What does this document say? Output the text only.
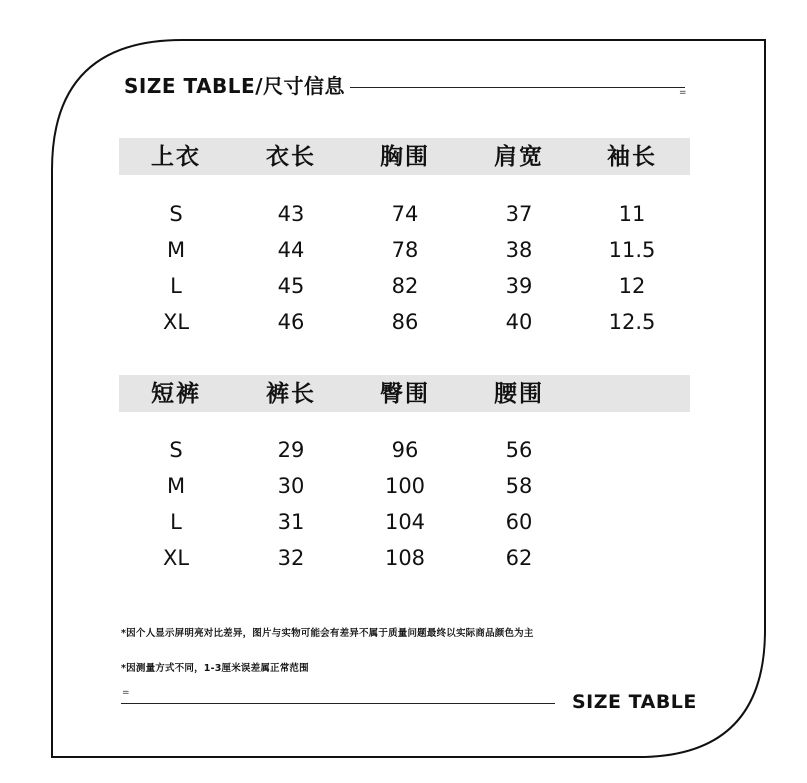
SIZE TABLE/尺寸信息	=
上衣	衣长	胸围	肩宽	袖长
S	43	74	37	11
M	44	78	38	11.5
L	45	82	39	12
XL	46	86	40	12.5
短裤	裤长	臀围	腰围
S	29	96	56
M	30	100	58
L	31	104	60
XL	32	108	62
*因个人显示屏明亮对比差异，图片与实物可能会有差异不属于质量问题最终以实际商品颜色为主
*因测量方式不同，1-3厘米误差属正常范围
=	SIZE TABLE
